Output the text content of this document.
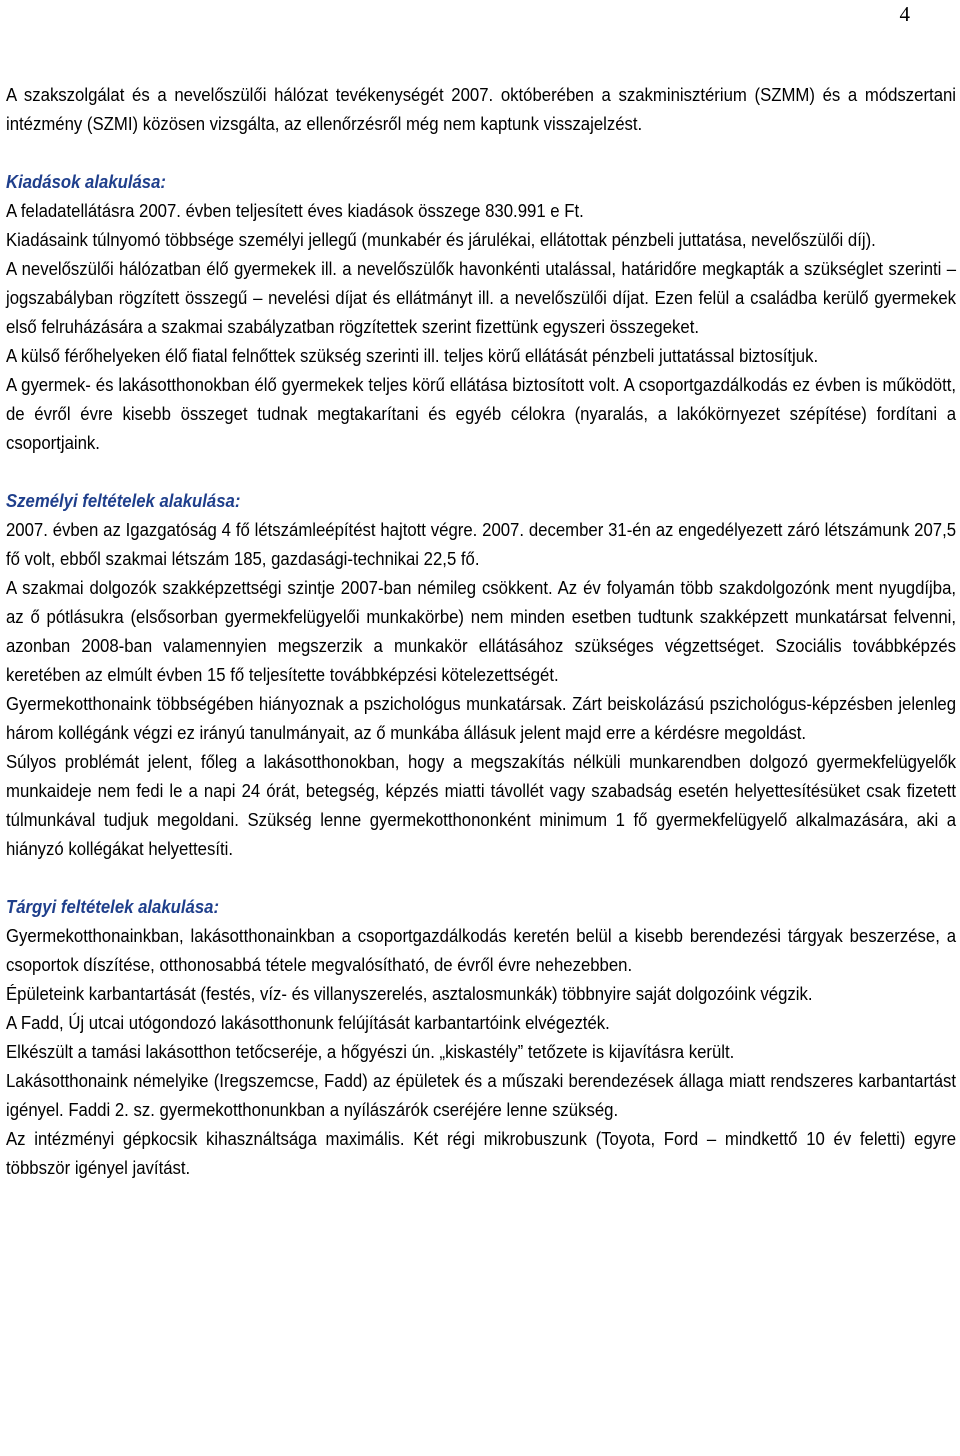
4

A szakszolgálat és a nevelőszülői hálózat tevékenységét 2007. októberében a szakminisztérium (SZMM) és a módszertani intézmény (SZMI) közösen vizsgálta, az ellenőrzésről még nem kaptunk visszajelzést.

Kiadások alakulása:

A feladatellátásra 2007. évben teljesített éves kiadások összege 830.991 e Ft.

Kiadásaink túlnyomó többsége személyi jellegű (munkabér és járulékai, ellátottak pénzbeli juttatása, nevelőszülői díj).

A nevelőszülői hálózatban élő gyermekek ill. a nevelőszülők havonkénti utalással, határidőre megkapták a szükséglet szerinti – jogszabályban rögzített összegű – nevelési díjat és ellátmányt ill. a nevelőszülői díjat. Ezen felül a családba kerülő gyermekek első felruházására a szakmai szabályzatban rögzítettek szerint fizettünk egyszeri összegeket.

A külső férőhelyeken élő fiatal felnőttek szükség szerinti ill. teljes körű ellátását pénzbeli juttatással biztosítjuk.

A gyermek- és lakásotthonokban élő gyermekek teljes körű ellátása biztosított volt. A csoportgazdálkodás ez évben is működött, de évről évre kisebb összeget tudnak megtakarítani és egyéb célokra (nyaralás, a lakókörnyezet szépítése) fordítani a csoportjaink.

Személyi feltételek alakulása:

2007. évben az Igazgatóság 4 fő létszámleépítést hajtott végre. 2007. december 31-én az engedélyezett záró létszámunk 207,5 fő volt, ebből szakmai létszám 185, gazdasági-technikai 22,5 fő.

A szakmai dolgozók szakképzettségi szintje 2007-ban némileg csökkent. Az év folyamán több szakdolgozónk ment nyugdíjba, az ő pótlásukra (elsősorban gyermekfelügyelői munkakörbe) nem minden esetben tudtunk szakképzett munkatársat felvenni, azonban 2008-ban valamennyien megszerzik a munkakör ellátásához szükséges végzettséget. Szociális továbbképzés keretében az elmúlt évben 15 fő teljesítette továbbképzési kötelezettségét.

Gyermekotthonaink többségében hiányoznak a pszichológus munkatársak. Zárt beiskolázású pszichológus-képzésben jelenleg három kollégánk végzi ez irányú tanulmányait, az ő munkába állásuk jelent majd erre a kérdésre megoldást.

Súlyos problémát jelent, főleg a lakásotthonokban, hogy a megszakítás nélküli munkarendben dolgozó gyermekfelügyelők munkaideje nem fedi le a napi 24 órát, betegség, képzés miatti távollét vagy szabadság esetén helyettesítésüket csak fizetett túlmunkával tudjuk megoldani. Szükség lenne gyermekotthononként minimum 1 fő gyermekfelügyelő alkalmazására, aki a hiányzó kollégákat helyettesíti.

Tárgyi feltételek alakulása:

Gyermekotthonainkban, lakásotthonainkban a csoportgazdálkodás keretén belül a kisebb berendezési tárgyak beszerzése, a csoportok díszítése, otthonosabbá tétele megvalósítható, de évről évre nehezebben.

Épületeink karbantartását (festés, víz- és villanyszerelés, asztalosmunkák) többnyire saját dolgozóink végzik.

A Fadd, Új utcai utógondozó lakásotthonunk felújítását karbantartóink elvégezték.

Elkészült a tamási lakásotthon tetőcseréje, a hőgyészi ún. „kiskastély” tetőzete is kijavításra került.

Lakásotthonaink némelyike (Iregszemcse, Fadd) az épületek és a műszaki berendezések állaga miatt rendszeres karbantartást igényel. Faddi 2. sz. gyermekotthonunkban a nyílászárók cseréjére lenne szükség.

Az intézményi gépkocsik kihasználtsága maximális. Két régi mikrobuszunk (Toyota, Ford – mindkettő 10 év feletti) egyre többször igényel javítást.
